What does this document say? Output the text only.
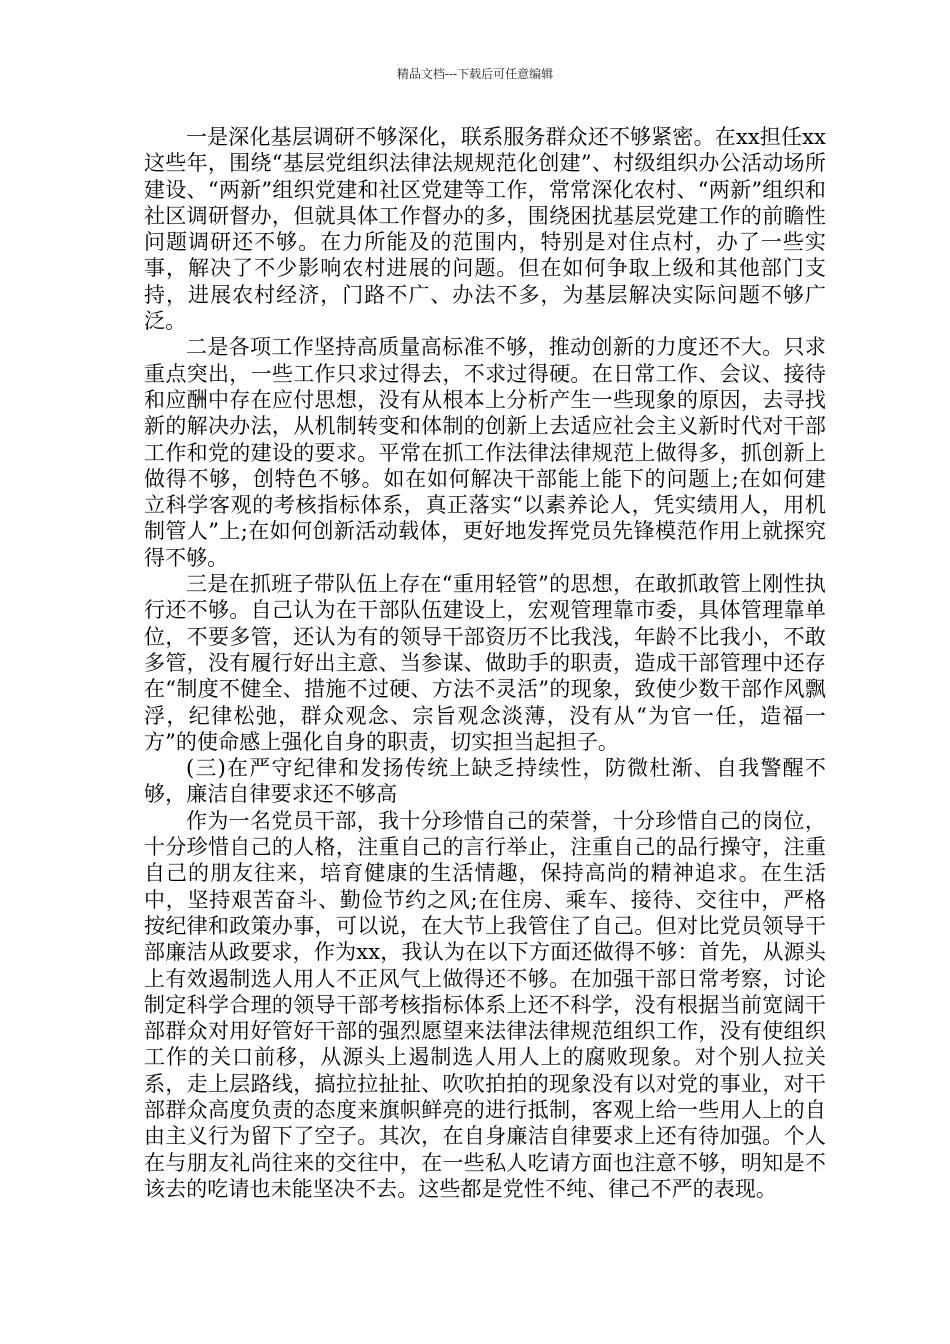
精品文档---下载后可任意编辑

一是深化基层调研不够深化，联系服务群众还不够紧密。在xx担任xx这些年，围绕“基层党组织法律法规规范化创建”、村级组织办公活动场所建设、“两新”组织党建和社区党建等工作，常常深化农村、“两新”组织和社区调研督办，但就具体工作督办的多，围绕困扰基层党建工作的前瞻性问题调研还不够。在力所能及的范围内，特别是对住点村，办了一些实事，解决了不少影响农村进展的问题。但在如何争取上级和其他部门支持，进展农村经济，门路不广、办法不多，为基层解决实际问题不够广泛。

二是各项工作坚持高质量高标准不够，推动创新的力度还不大。只求重点突出，一些工作只求过得去，不求过得硬。在日常工作、会议、接待和应酬中存在应付思想，没有从根本上分析产生一些现象的原因，去寻找新的解决办法，从机制转变和体制的创新上去适应社会主义新时代对干部工作和党的建设的要求。平常在抓工作法律法律规范上做得多，抓创新上做得不够，创特色不够。如在如何解决干部能上能下的问题上;在如何建立科学客观的考核指标体系，真正落实“以素养论人，凭实绩用人，用机制管人”上;在如何创新活动载体，更好地发挥党员先锋模范作用上就探究得不够。

三是在抓班子带队伍上存在“重用轻管”的思想，在敢抓敢管上刚性执行还不够。自己认为在干部队伍建设上，宏观管理靠市委，具体管理靠单位，不要多管，还认为有的领导干部资历不比我浅，年龄不比我小，不敢多管，没有履行好出主意、当参谋、做助手的职责，造成干部管理中还存在“制度不健全、措施不过硬、方法不灵活”的现象，致使少数干部作风飘浮，纪律松弛，群众观念、宗旨观念淡薄，没有从“为官一任，造福一方”的使命感上强化自身的职责，切实担当起担子。

(三)在严守纪律和发扬传统上缺乏持续性，防微杜渐、自我警醒不够，廉洁自律要求还不够高

作为一名党员干部，我十分珍惜自己的荣誉，十分珍惜自己的岗位，十分珍惜自己的人格，注重自己的言行举止，注重自己的品行操守，注重自己的朋友往来，培育健康的生活情趣，保持高尚的精神追求。在生活中，坚持艰苦奋斗、勤俭节约之风;在住房、乘车、接待、交往中，严格按纪律和政策办事，可以说，在大节上我管住了自己。但对比党员领导干部廉洁从政要求，作为xx，我认为在以下方面还做得不够：首先，从源头上有效遏制选人用人不正风气上做得还不够。在加强干部日常考察，讨论制定科学合理的领导干部考核指标体系上还不科学，没有根据当前宽阔干部群众对用好管好干部的强烈愿望来法律法律规范组织工作，没有使组织工作的关口前移，从源头上遏制选人用人上的腐败现象。对个别人拉关系，走上层路线，搞拉拉扯扯、吹吹拍拍的现象没有以对党的事业，对干部群众高度负责的态度来旗帜鲜亮的进行抵制，客观上给一些用人上的自由主义行为留下了空子。其次，在自身廉洁自律要求上还有待加强。个人在与朋友礼尚往来的交往中，在一些私人吃请方面也注意不够，明知是不该去的吃请也未能坚决不去。这些都是党性不纯、律己不严的表现。
